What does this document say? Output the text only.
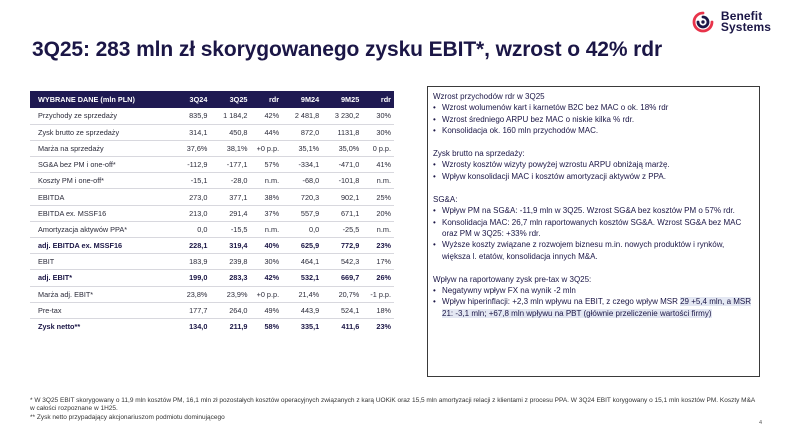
Benefit
Systems
3Q25: 283 mln zł skorygowanego zysku EBIT*, wzrost o 42% rdr
WYBRANE DANE (mln PLN)	3Q24	3Q25	rdr	9M24	9M25	rdr
Przychody ze sprzedaży	835,9	1 184,2	42%	2 481,8	3 230,2	30%
Zysk brutto ze sprzedaży	314,1	450,8	44%	872,0	1131,8	30%
Marża na sprzedaży	37,6%	38,1%	+0 p.p.	35,1%	35,0%	0 p.p.
SG&A bez PM i one-off*	-112,9	-177,1	57%	-334,1	-471,0	41%
Koszty PM i one-off*	-15,1	-28,0	n.m.	-68,0	-101,8	n.m.
EBITDA	273,0	377,1	38%	720,3	902,1	25%
EBITDA ex. MSSF16	213,0	291,4	37%	557,9	671,1	20%
Amortyzacja aktywów PPA*	0,0	-15,5	n.m.	0,0	-25,5	n.m.
adj. EBITDA ex. MSSF16	228,1	319,4	40%	625,9	772,9	23%
EBIT	183,9	239,8	30%	464,1	542,3	17%
adj. EBIT*	199,0	283,3	42%	532,1	669,7	26%
Marża adj. EBIT*	23,8%	23,9%	+0 p.p.	21,4%	20,7%	-1 p.p.
Pre-tax	177,7	264,0	49%	443,9	524,1	18%
Zysk netto**	134,0	211,9	58%	335,1	411,6	23%
Wzrost przychodów rdr w 3Q25
• Wzrost wolumenów kart i karnetów B2C bez MAC o ok. 18% rdr
• Wzrost średniego ARPU bez MAC o niskie kilka % rdr.
• Konsolidacja ok. 160 mln przychodów MAC.
Zysk brutto na sprzedaży:
• Wzrosty kosztów wizyty powyżej wzrostu ARPU obniżają marżę.
• Wpływ konsolidacji MAC i kosztów amortyzacji aktywów z PPA.
SG&A:
• Wpływ PM na SG&A: -11,9 mln w 3Q25. Wzrost SG&A bez kosztów PM o 57% rdr.
• Konsolidacja MAC: 26,7 mln raportowanych kosztów SG&A. Wzrost SG&A bez MAC oraz PM w 3Q25: +33% rdr.
• Wyższe koszty związane z rozwojem biznesu m.in. nowych produktów i rynków, większa l. etatów, konsolidacja innych M&A.
Wpływ na raportowany zysk pre-tax w 3Q25:
• Negatywny wpływ FX na wynik -2 mln
• Wpływ hiperinflacji: +2,3 mln wpływu na EBIT, z czego wpływ MSR 29 +5,4 mln, a MSR 21: -3,1 mln; +67,8 mln wpływu na PBT (głównie przeliczenie wartości firmy)
* W 3Q25 EBIT skorygowany o 11,9 mln kosztów PM, 16,1 mln zł pozostałych kosztów operacyjnych związanych z karą UOKiK oraz 15,5 mln amortyzacji relacji z klientami z procesu PPA. W 3Q24 EBIT korygowany o 15,1 mln kosztów PM. Koszty M&A w całości rozpoznane w 1H25.
** Zysk netto przypadający akcjonariuszom podmiotu dominującego
4
